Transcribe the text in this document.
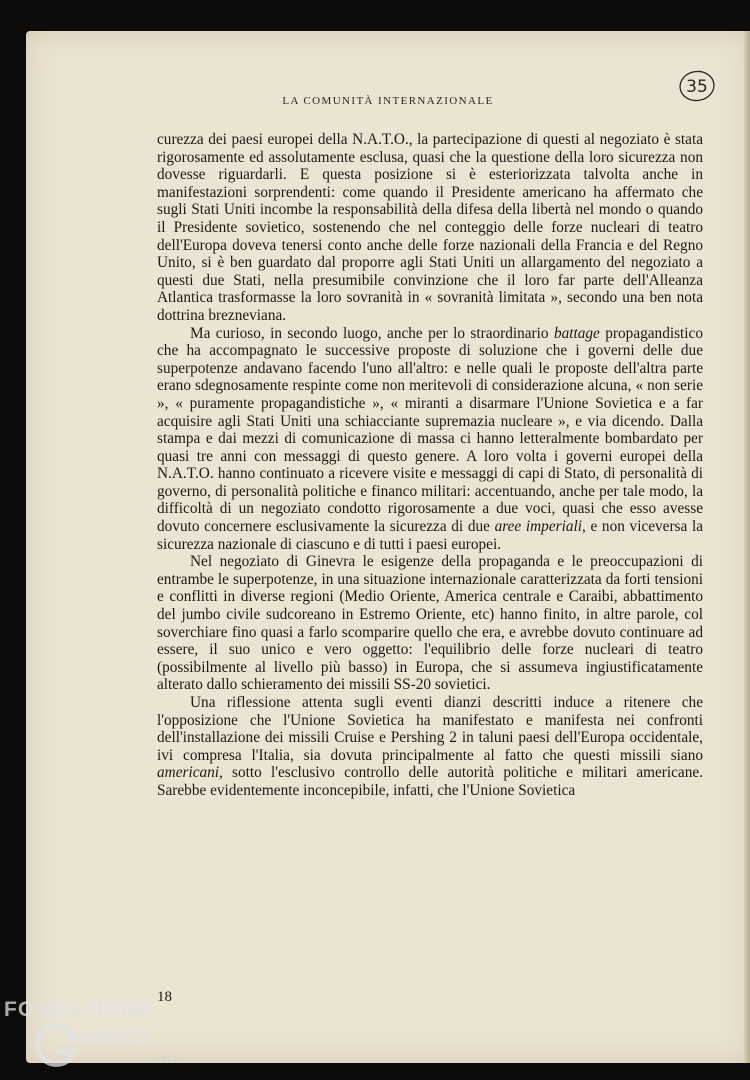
LA COMUNITÀ INTERNAZIONALE
35

curezza dei paesi europei della N.A.T.O., la partecipazione di questi al negoziato è stata rigorosamente ed assolutamente esclusa, quasi che la questione della loro sicurezza non dovesse riguardarli. E questa posizione si è esteriorizzata talvolta anche in manifestazioni sorprendenti: come quando il Presidente americano ha affermato che sugli Stati Uniti incombe la responsabilità della difesa della libertà nel mondo o quando il Presidente sovietico, sostenendo che nel conteggio delle forze nucleari di teatro dell'Europa doveva tenersi conto anche delle forze nazionali della Francia e del Regno Unito, si è ben guardato dal proporre agli Stati Uniti un allargamento del negoziato a questi due Stati, nella presumibile convinzione che il loro far parte dell'Alleanza Atlantica trasformasse la loro sovranità in « sovranità limitata », secondo una ben nota dottrina brezneviana.

Ma curioso, in secondo luogo, anche per lo straordinario battage propagandistico che ha accompagnato le successive proposte di soluzione che i governi delle due superpotenze andavano facendo l'uno all'altro: e nelle quali le proposte dell'altra parte erano sdegnosamente respinte come non meritevoli di considerazione alcuna, « non serie », « puramente propagandistiche », « miranti a disarmare l'Unione Sovietica e a far acquisire agli Stati Uniti una schiacciante supremazia nucleare », e via dicendo. Dalla stampa e dai mezzi di comunicazione di massa ci hanno letteralmente bombardato per quasi tre anni con messaggi di questo genere. A loro volta i governi europei della N.A.T.O. hanno continuato a ricevere visite e messaggi di capi di Stato, di personalità di governo, di personalità politiche e financo militari: accentuando, anche per tale modo, la difficoltà di un negoziato condotto rigorosamente a due voci, quasi che esso avesse dovuto concernere esclusivamente la sicurezza di due aree imperiali, e non viceversa la sicurezza nazionale di ciascuno e di tutti i paesi europei.

Nel negoziato di Ginevra le esigenze della propaganda e le preoccupazioni di entrambe le superpotenze, in una situazione internazionale caratterizzata da forti tensioni e conflitti in diverse regioni (Medio Oriente, America centrale e Caraibi, abbattimento del jumbo civile sudcoreano in Estremo Oriente, etc) hanno finito, in altre parole, col soverchiare fino quasi a farlo scomparire quello che era, e avrebbe dovuto continuare ad essere, il suo unico e vero oggetto: l'equilibrio delle forze nucleari di teatro (possibilmente al livello più basso) in Europa, che si assumeva ingiustificatamente alterato dallo schieramento dei missili SS-20 sovietici.

Una riflessione attenta sugli eventi dianzi descritti induce a ritenere che l'opposizione che l'Unione Sovietica ha manifestato e manifesta nei confronti dell'installazione dei missili Cruise e Pershing 2 in taluni paesi dell'Europa occidentale, ivi compresa l'Italia, sia dovuta principalmente al fatto che questi missili siano americani, sotto l'esclusivo controllo delle autorità politiche e militari americane. Sarebbe evidentemente inconcepibile, infatti, che l'Unione Sovietica

18
FONDAZIONE
RAMSCI
ONLUS
